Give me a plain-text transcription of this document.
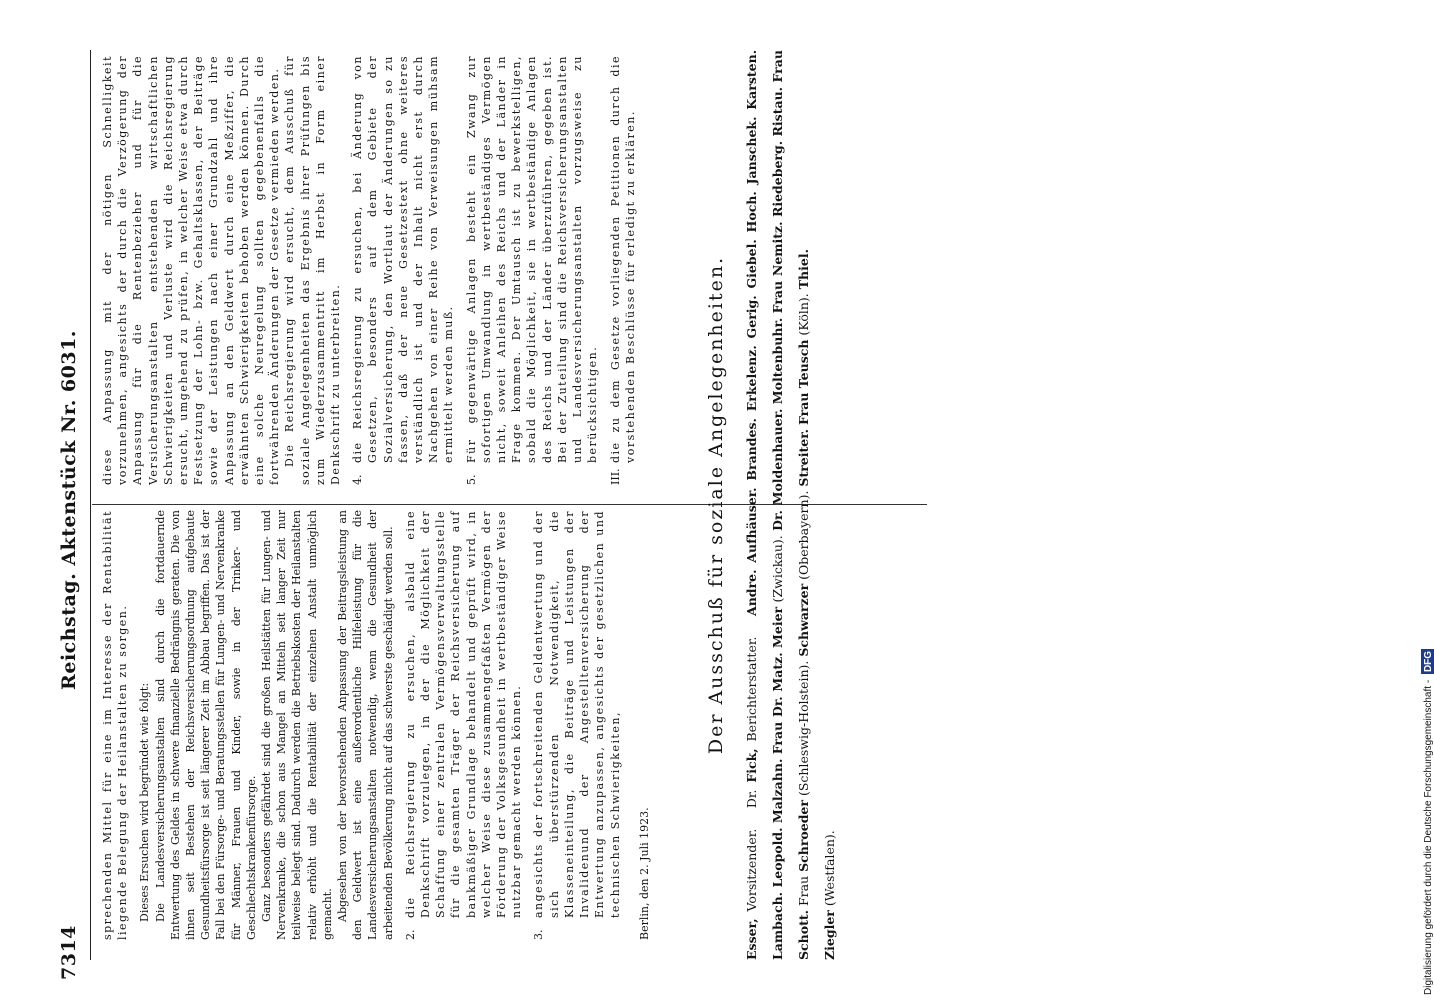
7314
Reichstag. Aktenstück Nr. 6031. sprechenden Mittel für eine im Interesse der Rentabilität liegende Belegung der Heilanstalten zu sorgen. Dieses Ersuchen wird begründet wie folgt: Die Landesversicherungsanstalten sind durch die fortdauernde Entwertung des Geldes in schwere finanzielle Bedrängnis geraten. Die von ihnen seit Bestehen der Reichsversicherungsordnung aufgebaute Gesundheitsfürsorge ist seit längerer Zeit im Abbau begriffen. Das ist der Fall bei den Fürsorge- und Beratungsstellen für Lungen- und Nervenkranke für Männer, Frauen und Kinder, sowie in der Trinker- und Geschlechtskrankenfürsorge. Ganz besonders gefährdet sind die großen Heilstätten für Lungen- und Nervenkranke, die schon aus Mangel an Mitteln seit langer Zeit nur teilweise belegt sind. Dadurch werden die Betriebskosten der Heilanstalten relativ erhöht und die Rentabilität der einzelnen Anstalt unmöglich gemacht. Abgesehen von der bevorstehenden Anpassung der Beitragsleistung an den Geldwert ist eine außerordentliche Hilfeleistung für die Landesversicherungsanstalten notwendig, wenn die Gesundheit der arbeitenden Bevölkerung nicht auf das schwerste geschädigt werden soll. 2.

die Reichsregierung zu ersuchen, alsbald eine Denkschrift vorzulegen, in der die Möglichkeit der Schaffung einer zentralen Vermögensverwaltungsstelle für die gesamten Träger der Reichsversicherung auf bankmäßiger Grundlage behandelt und geprüft wird, in welcher Weise diese zusammengefaßten Vermögen der Förderung der Volksgesundheit in wertbeständiger Weise nutzbar gemacht werden können.

3.

angesichts der fortschreitenden Geldentwertung und der sich überstürzenden Notwendigkeit, die Klasseneinteilung, die Beiträge und Leistungen der Invalidenund der Angestelltenversicherung der Entwertung anzupassen, angesichts der gesetzlichen und technischen Schwierigkeiten, Berlin, den 2. Juli 1923.

diese Anpassung mit der nötigen Schnelligkeit vorzunehmen, angesichts der durch die Verzögerung der Anpassung für die Rentenbezieher und für die Versicherungsanstalten entstehenden wirtschaftlichen Schwierigkeiten und Verluste wird die Reichsregierung ersucht, umgehend zu prüfen, in welcher Weise etwa durch Festsetzung der Lohn- bzw. Gehaltsklassen, der Beiträge sowie der Leistungen nach einer Grundzahl und ihre Anpassung an den Geldwert durch eine Meßziffer, die erwähnten Schwierigkeiten behoben werden können. Durch eine solche Neuregelung sollten gegebenenfalls die fortwährenden Änderungen der Gesetze vermieden werden. Die Reichsregierung wird ersucht, dem Ausschuß für soziale Angelegenheiten das Ergebnis ihrer Prüfungen bis zum Wiederzusammentritt im Herbst in Form einer Denkschrift zu unterbreiten. 4.

die Reichsregierung zu ersuchen, bei Änderung von Gesetzen, besonders auf dem Gebiete der Sozialversicherung, den Wortlaut der Änderungen so zu fassen, daß der neue Gesetzestext ohne weiteres verständlich ist und der Inhalt nicht erst durch Nachgehen von einer Reihe von Verweisungen mühsam ermittelt werden muß.

5.

Für gegenwärtige Anlagen besteht ein Zwang zur sofortigen Umwandlung in wertbeständiges Vermögen nicht, soweit Anleihen des Reichs und der Länder in Frage kommen. Der Umtausch ist zu bewerkstelligen, sobald die Möglichkeit, sie in wertbeständige Anlagen des Reichs und der Länder überzuführen, gegeben ist. Bei der Zuteilung sind die Reichsversicherungsanstalten und Landesversicherungsanstalten vorzugsweise zu berücksichtigen.

III.

die zu dem Gesetze vorliegenden Petitionen durch die vorstehenden Beschlüsse für erledigt zu erklären.	Der Ausschuß für soziale Angelegenheiten.
Esser, Vorsitzender.   Dr. Fick, Berichterstatter.   Andre. Aufhäuser. Brandes. Erkelenz. Gerig. Giebel. Hoch. Janschek. Karsten. Lambach. Leopold. Malzahn. Frau Dr. Matz. Meier (Zwickau). Dr. Moldenhauer. Moltenbuhr. Frau Nemitz. Riedeberg. Ristau. Frau Schott. Frau Schroeder (Schleswig-Holstein). Schwarzer (Oberbayern). Streiter. Frau Teusch (Köln). Thiel.
Ziegler (Westfalen).	Digitalisierung gefördert durch die Deutsche Forschungsgemeinschaft - DFG
